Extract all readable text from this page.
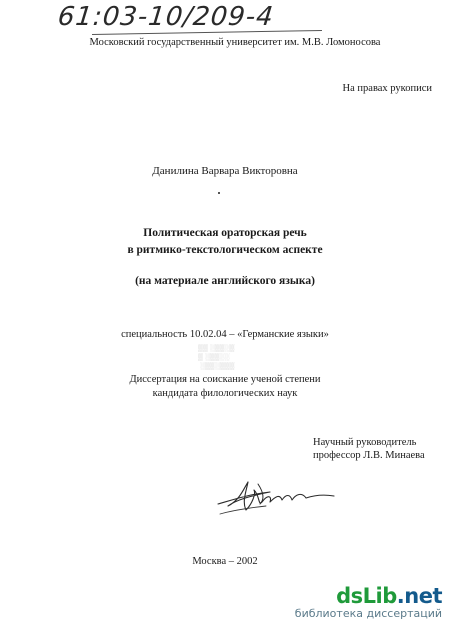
61:03-10/209-4
Московский государственный университет им. М.В. Ломоносова
На правах рукописи
Данилина Варвара Викторовна
Политическая ораторская речь
в ритмико-текстологическом аспекте
(на материале английского языка)
специальность 10.02.04 – «Германские языки»
▒▒ ░▒▒░▒
▒ ░▒▒░░
░▒▒░▒▒▒
Диссертация на соискание ученой степени
кандидата филологических наук
Научный руководитель
профессор Л.В. Минаева
Москва – 2002
dsLib.net
библиотека диссертаций
